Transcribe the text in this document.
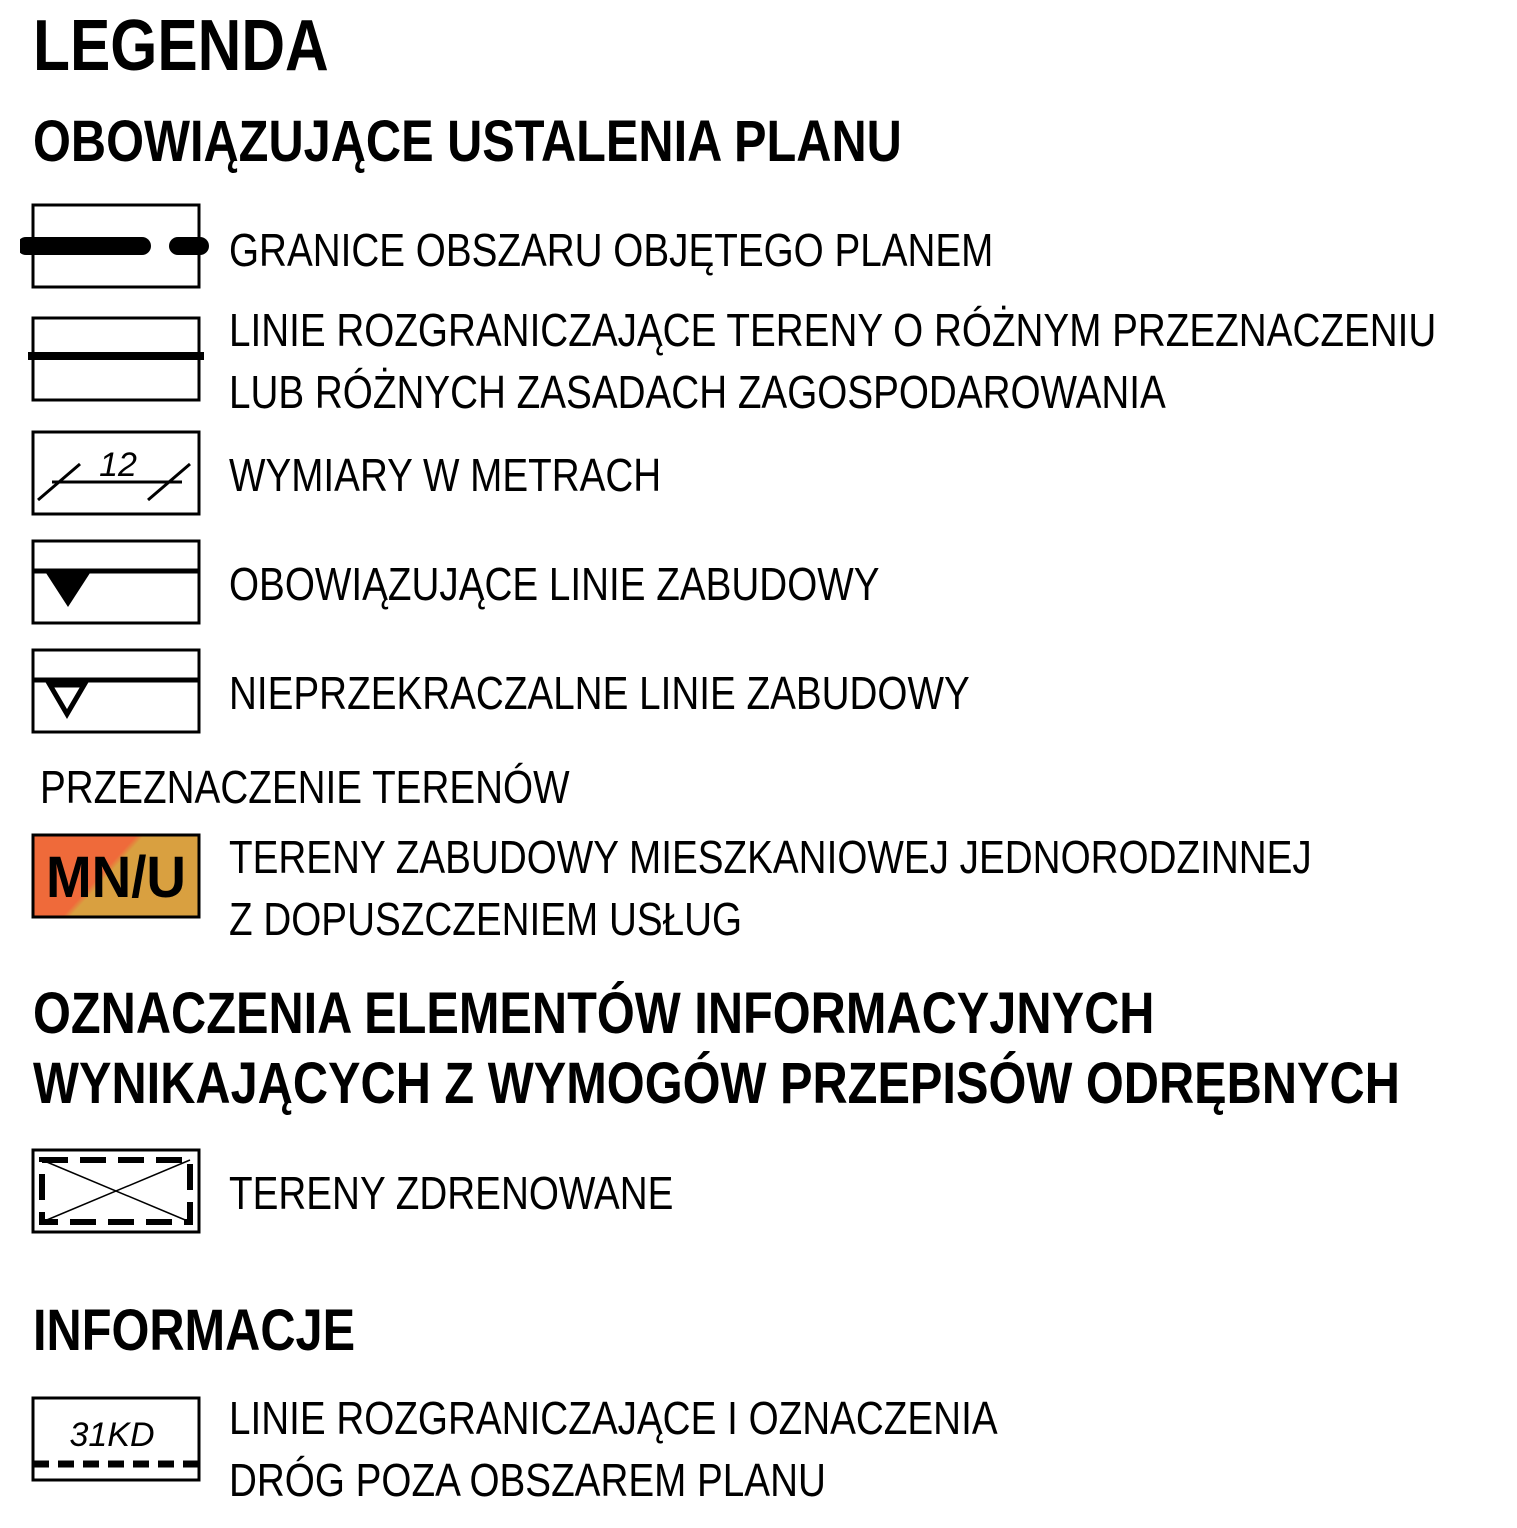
LEGENDA
OBOWIĄZUJĄCE USTALENIA PLANU
GRANICE OBSZARU OBJĘTEGO PLANEM
LINIE ROZGRANICZAJĄCE TERENY O RÓŻNYM PRZEZNACZENIU
LUB RÓŻNYCH ZASADACH ZAGOSPODAROWANIA
12 WYMIARY W METRACH
OBOWIĄZUJĄCE LINIE ZABUDOWY
NIEPRZEKRACZALNE LINIE ZABUDOWY
PRZEZNACZENIE TERENÓW
MN/U TERENY ZABUDOWY MIESZKANIOWEJ JEDNORODZINNEJ
Z DOPUSZCZENIEM USŁUG
OZNACZENIA ELEMENTÓW INFORMACYJNYCH
WYNIKAJĄCYCH Z WYMOGÓW PRZEPISÓW ODRĘBNYCH
TERENY ZDRENOWANE
INFORMACJE
31KD LINIE ROZGRANICZAJĄCE I OZNACZENIA
DRÓG POZA OBSZAREM PLANU
